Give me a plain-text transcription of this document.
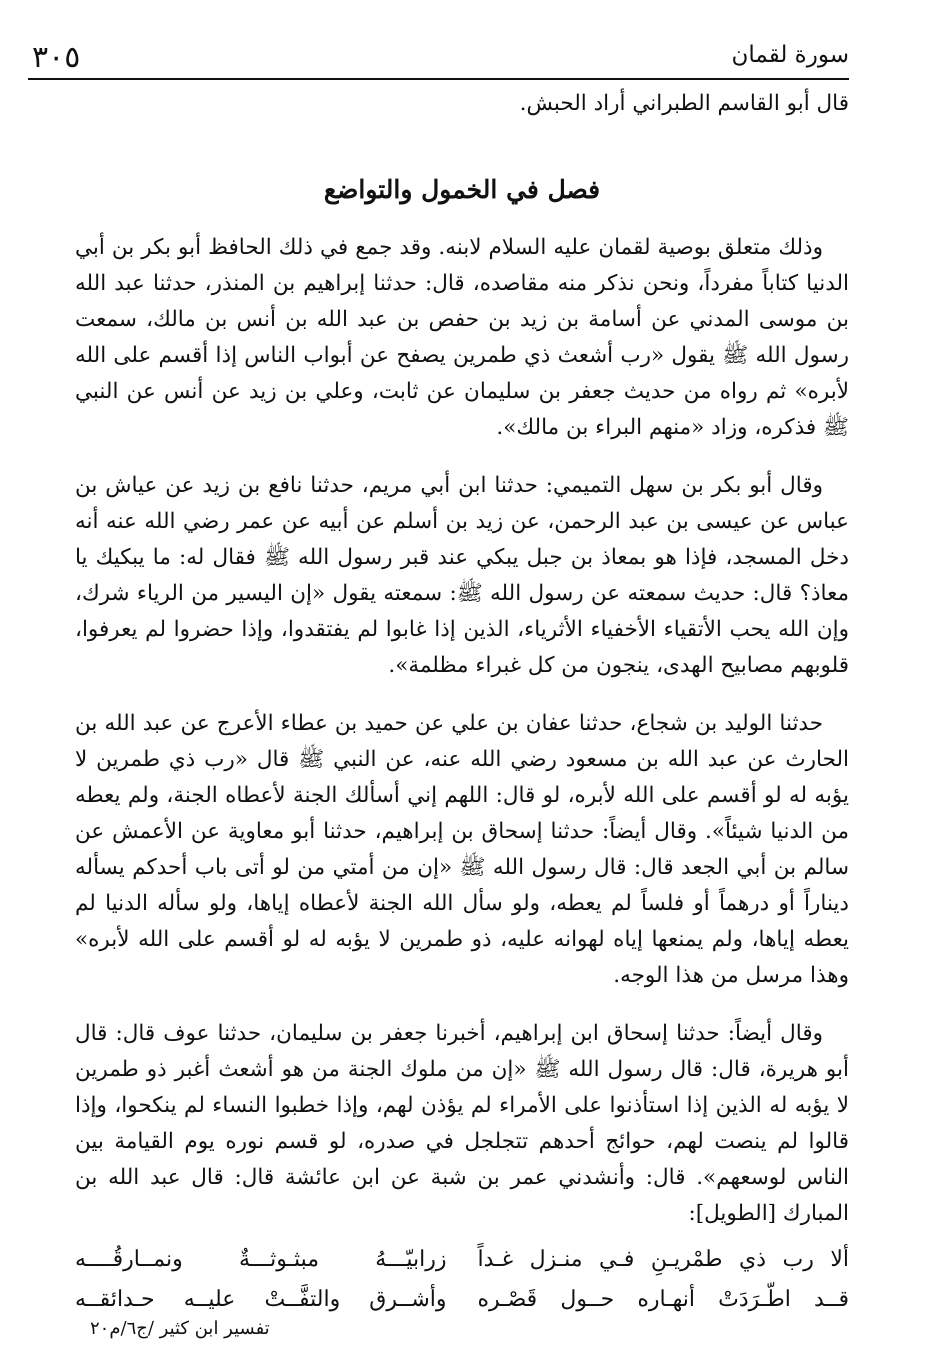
٣٠٥	سورة لقمان

قال أبو القاسم الطبراني أراد الحبش.

فصل في الخمول والتواضع

وذلك متعلق بوصية لقمان عليه السلام لابنه. وقد جمع في ذلك الحافظ أبو بكر بن أبي الدنيا كتاباً مفرداً، ونحن نذكر منه مقاصده، قال: حدثنا إبراهيم بن المنذر، حدثنا عبد الله بن موسى المدني عن أسامة بن زيد بن حفص بن عبد الله بن أنس بن مالك، سمعت رسول الله ﷺ يقول «رب أشعث ذي طمرين يصفح عن أبواب الناس إذا أقسم على الله لأبره» ثم رواه من حديث جعفر بن سليمان عن ثابت، وعلي بن زيد عن أنس عن النبي ﷺ فذكره، وزاد «منهم البراء بن مالك».

وقال أبو بكر بن سهل التميمي: حدثنا ابن أبي مريم، حدثنا نافع بن زيد عن عياش بن عباس عن عيسى بن عبد الرحمن، عن زيد بن أسلم عن أبيه عن عمر رضي الله عنه أنه دخل المسجد، فإذا هو بمعاذ بن جبل يبكي عند قبر رسول الله ﷺ فقال له: ما يبكيك يا معاذ؟ قال: حديث سمعته عن رسول الله ﷺ: سمعته يقول «إن اليسير من الرياء شرك، وإن الله يحب الأتقياء الأخفياء الأثرياء، الذين إذا غابوا لم يفتقدوا، وإذا حضروا لم يعرفوا، قلوبهم مصابيح الهدى، ينجون من كل غبراء مظلمة».

حدثنا الوليد بن شجاع، حدثنا عفان بن علي عن حميد بن عطاء الأعرج عن عبد الله بن الحارث عن عبد الله بن مسعود رضي الله عنه، عن النبي ﷺ قال «رب ذي طمرين لا يؤبه له لو أقسم على الله لأبره، لو قال: اللهم إني أسألك الجنة لأعطاه الجنة، ولم يعطه من الدنيا شيئاً». وقال أيضاً: حدثنا إسحاق بن إبراهيم، حدثنا أبو معاوية عن الأعمش عن سالم بن أبي الجعد قال: قال رسول الله ﷺ «إن من أمتي من لو أتى باب أحدكم يسأله ديناراً أو درهماً أو فلساً لم يعطه، ولو سأل الله الجنة لأعطاه إياها، ولو سأله الدنيا لم يعطه إياها، ولم يمنعها إياه لهوانه عليه، ذو طمرين لا يؤبه له لو أقسم على الله لأبره» وهذا مرسل من هذا الوجه.

وقال أيضاً: حدثنا إسحاق ابن إبراهيم، أخبرنا جعفر بن سليمان، حدثنا عوف قال: قال أبو هريرة، قال: قال رسول الله ﷺ «إن من ملوك الجنة من هو أشعث أغبر ذو طمرين لا يؤبه له الذين إذا استأذنوا على الأمراء لم يؤذن لهم، وإذا خطبوا النساء لم ينكحوا، وإذا قالوا لم ينصت لهم، حوائج أحدهم تتجلجل في صدره، لو قسم نوره يوم القيامة بين الناس لوسعهم». قال: وأنشدني عمر بن شبة عن ابن عائشة قال: قال عبد الله بن المبارك [الطويل]:

ألا رب ذي طمْريـنِ فـي منـزل غـداً
زرابيّـــهُ مبثـوثـــةٌ ونمــارقُــــه
قــد اطّـرَدَتْ أنهـاره حــول قَصْـره
وأشــرق والتفَّــتْ عليــه حـدائقــه
تفسير ابن كثير /ج٦/م٢٠
